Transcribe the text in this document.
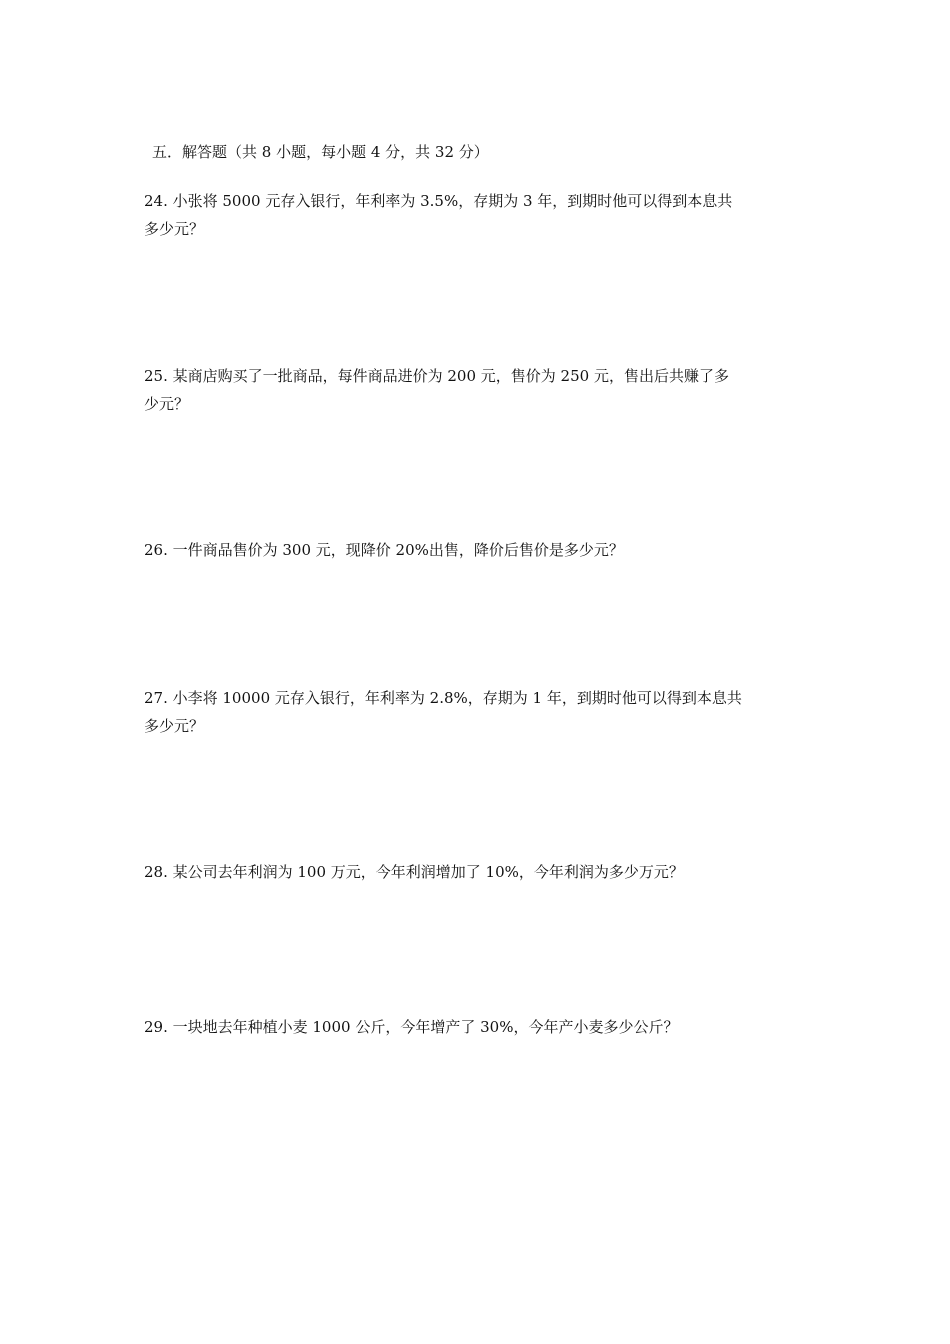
五．解答题（共 8 小题，每小题 4 分，共 32 分）
24. 小张将 5000 元存入银行，年利率为 3.5%，存期为 3 年，到期时他可以得到本息共
多少元？
25. 某商店购买了一批商品，每件商品进价为 200 元，售价为 250 元，售出后共赚了多
少元？
26. 一件商品售价为 300 元，现降价 20%出售，降价后售价是多少元？
27. 小李将 10000 元存入银行，年利率为 2.8%，存期为 1 年，到期时他可以得到本息共
多少元？
28. 某公司去年利润为 100 万元，今年利润增加了 10%，今年利润为多少万元？
29. 一块地去年种植小麦 1000 公斤，今年增产了 30%，今年产小麦多少公斤？
